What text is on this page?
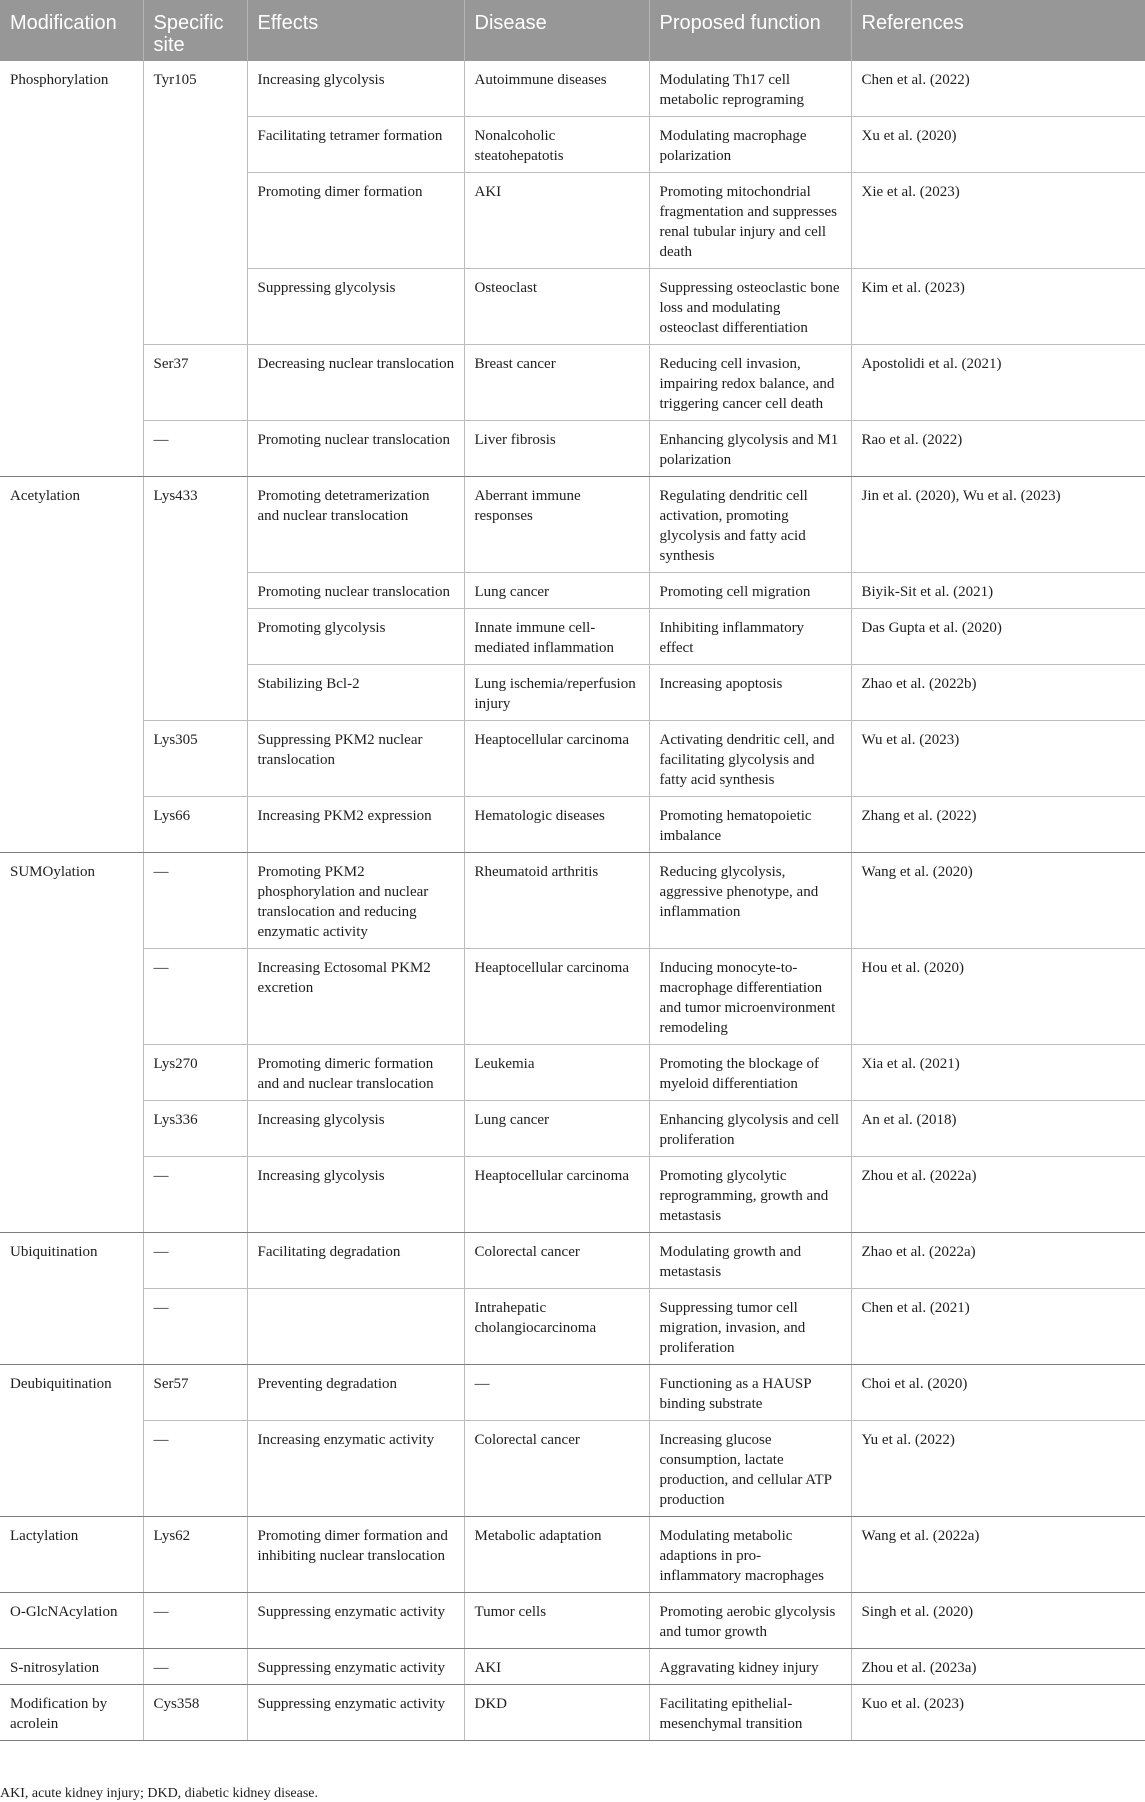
Modification	Specific site	Effects	Disease	Proposed function	References
Phosphorylation	Tyr105	Increasing glycolysis	Autoimmune diseases	Modulating Th17 cell metabolic reprograming	Chen et al. (2022)
		Facilitating tetramer formation	Nonalcoholic steatohepatotis	Modulating macrophage polarization	Xu et al. (2020)
		Promoting dimer formation	AKI	Promoting mitochondrial fragmentation and suppresses renal tubular injury and cell death	Xie et al. (2023)
		Suppressing glycolysis	Osteoclast	Suppressing osteoclastic bone loss and modulating osteoclast differentiation	Kim et al. (2023)
	Ser37	Decreasing nuclear translocation	Breast cancer	Reducing cell invasion, impairing redox balance, and triggering cancer cell death	Apostolidi et al. (2021)
	—	Promoting nuclear translocation	Liver fibrosis	Enhancing glycolysis and M1 polarization	Rao et al. (2022)
Acetylation	Lys433	Promoting detetramerization and nuclear translocation	Aberrant immune responses	Regulating dendritic cell activation, promoting glycolysis and fatty acid synthesis	Jin et al. (2020), Wu et al. (2023)
		Promoting nuclear translocation	Lung cancer	Promoting cell migration	Biyik-Sit et al. (2021)
		Promoting glycolysis	Innate immune cell-mediated inflammation	Inhibiting inflammatory effect	Das Gupta et al. (2020)
		Stabilizing Bcl-2	Lung ischemia/reperfusion injury	Increasing apoptosis	Zhao et al. (2022b)
	Lys305	Suppressing PKM2 nuclear translocation	Heaptocellular carcinoma	Activating dendritic cell, and facilitating glycolysis and fatty acid synthesis	Wu et al. (2023)
	Lys66	Increasing PKM2 expression	Hematologic diseases	Promoting hematopoietic imbalance	Zhang et al. (2022)
SUMOylation	—	Promoting PKM2 phosphorylation and nuclear translocation and reducing enzymatic activity	Rheumatoid arthritis	Reducing glycolysis, aggressive phenotype, and inflammation	Wang et al. (2020)
	—	Increasing Ectosomal PKM2 excretion	Heaptocellular carcinoma	Inducing monocyte-to-macrophage differentiation and tumor microenvironment remodeling	Hou et al. (2020)
	Lys270	Promoting dimeric formation and and nuclear translocation	Leukemia	Promoting the blockage of myeloid differentiation	Xia et al. (2021)
	Lys336	Increasing glycolysis	Lung cancer	Enhancing glycolysis and cell proliferation	An et al. (2018)
	—	Increasing glycolysis	Heaptocellular carcinoma	Promoting glycolytic reprogramming, growth and metastasis	Zhou et al. (2022a)
Ubiquitination	—	Facilitating degradation	Colorectal cancer	Modulating growth and metastasis	Zhao et al. (2022a)
	—		Intrahepatic cholangiocarcinoma	Suppressing tumor cell migration, invasion, and proliferation	Chen et al. (2021)
Deubiquitination	Ser57	Preventing degradation	—	Functioning as a HAUSP binding substrate	Choi et al. (2020)
	—	Increasing enzymatic activity	Colorectal cancer	Increasing glucose consumption, lactate production, and cellular ATP production	Yu et al. (2022)
Lactylation	Lys62	Promoting dimer formation and inhibiting nuclear translocation	Metabolic adaptation	Modulating metabolic adaptions in pro-inflammatory macrophages	Wang et al. (2022a)
O-GlcNAcylation	—	Suppressing enzymatic activity	Tumor cells	Promoting aerobic glycolysis and tumor growth	Singh et al. (2020)
S-nitrosylation	—	Suppressing enzymatic activity	AKI	Aggravating kidney injury	Zhou et al. (2023a)
Modification by acrolein	Cys358	Suppressing enzymatic activity	DKD	Facilitating epithelial-mesenchymal transition	Kuo et al. (2023)
AKI, acute kidney injury; DKD, diabetic kidney disease.
